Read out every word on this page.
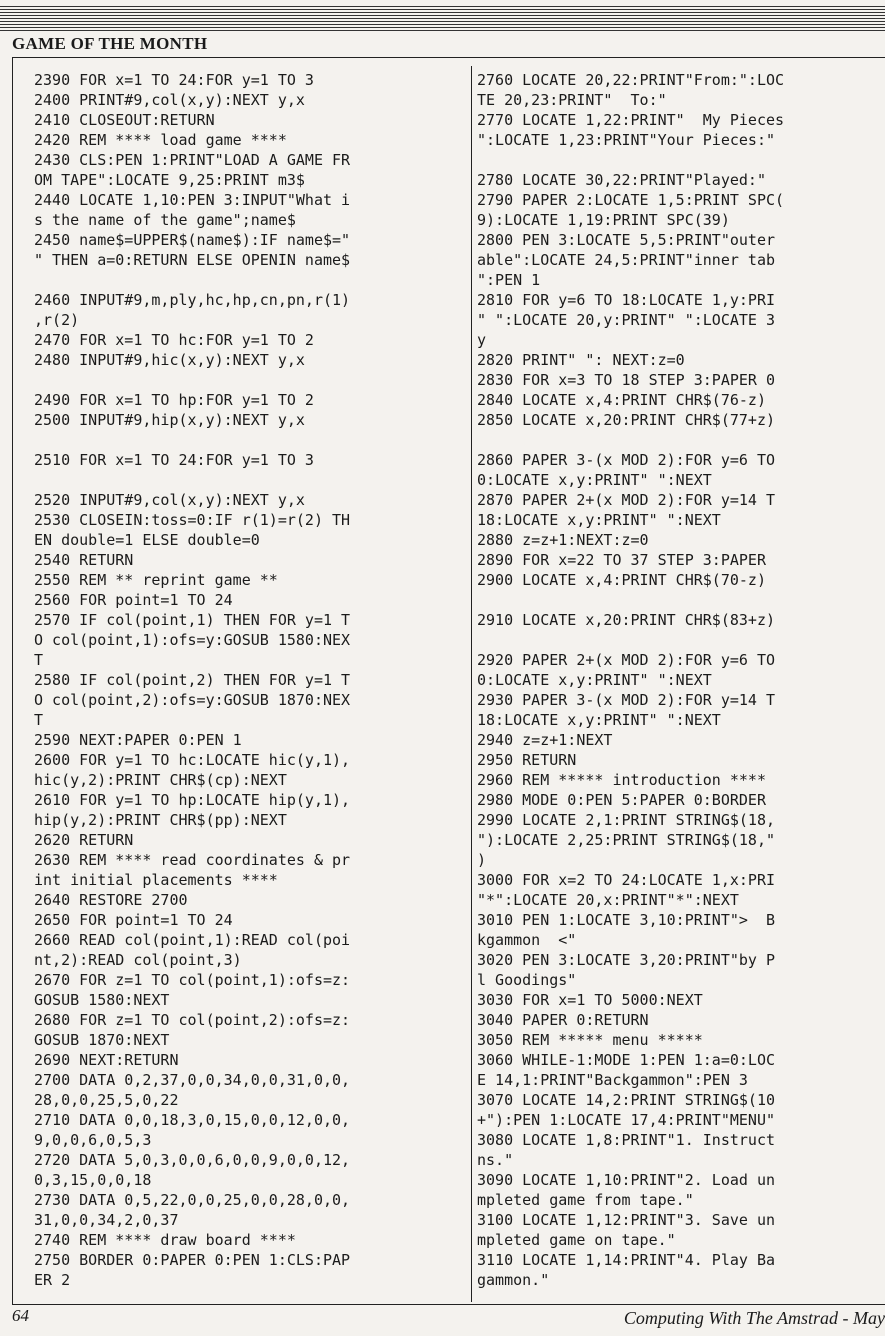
GAME OF THE MONTH
2390 FOR x=1 TO 24:FOR y=1 TO 3
2400 PRINT#9,col(x,y):NEXT y,x
2410 CLOSEOUT:RETURN
2420 REM **** load game ****
2430 CLS:PEN 1:PRINT"LOAD A GAME FR
OM TAPE":LOCATE 9,25:PRINT m3$
2440 LOCATE 1,10:PEN 3:INPUT"What i
s the name of the game";name$
2450 name$=UPPER$(name$):IF name$="
" THEN a=0:RETURN ELSE OPENIN name$
2460 INPUT#9,m,ply,hc,hp,cn,pn,r(1)
,r(2)
2470 FOR x=1 TO hc:FOR y=1 TO 2
2480 INPUT#9,hic(x,y):NEXT y,x
2490 FOR x=1 TO hp:FOR y=1 TO 2
2500 INPUT#9,hip(x,y):NEXT y,x
2510 FOR x=1 TO 24:FOR y=1 TO 3
2520 INPUT#9,col(x,y):NEXT y,x
2530 CLOSEIN:toss=0:IF r(1)=r(2) TH
EN double=1 ELSE double=0
2540 RETURN
2550 REM ** reprint game **
2560 FOR point=1 TO 24
2570 IF col(point,1) THEN FOR y=1 T
O col(point,1):ofs=y:GOSUB 1580:NEX
T
2580 IF col(point,2) THEN FOR y=1 T
O col(point,2):ofs=y:GOSUB 1870:NEX
T
2590 NEXT:PAPER 0:PEN 1
2600 FOR y=1 TO hc:LOCATE hic(y,1),
hic(y,2):PRINT CHR$(cp):NEXT
2610 FOR y=1 TO hp:LOCATE hip(y,1),
hip(y,2):PRINT CHR$(pp):NEXT
2620 RETURN
2630 REM **** read coordinates & pr
int initial placements ****
2640 RESTORE 2700
2650 FOR point=1 TO 24
2660 READ col(point,1):READ col(poi
nt,2):READ col(point,3)
2670 FOR z=1 TO col(point,1):ofs=z:
GOSUB 1580:NEXT
2680 FOR z=1 TO col(point,2):ofs=z:
GOSUB 1870:NEXT
2690 NEXT:RETURN
2700 DATA 0,2,37,0,0,34,0,0,31,0,0,
28,0,0,25,5,0,22
2710 DATA 0,0,18,3,0,15,0,0,12,0,0,
9,0,0,6,0,5,3
2720 DATA 5,0,3,0,0,6,0,0,9,0,0,12,
0,3,15,0,0,18
2730 DATA 0,5,22,0,0,25,0,0,28,0,0,
31,0,0,34,2,0,37
2740 REM **** draw board ****
2750 BORDER 0:PAPER 0:PEN 1:CLS:PAP
ER 2
2760 LOCATE 20,22:PRINT"From:":LOC
TE 20,23:PRINT"  To:"
2770 LOCATE 1,22:PRINT"  My Pieces
":LOCATE 1,23:PRINT"Your Pieces:"
2780 LOCATE 30,22:PRINT"Played:"
2790 PAPER 2:LOCATE 1,5:PRINT SPC(
9):LOCATE 1,19:PRINT SPC(39)
2800 PEN 3:LOCATE 5,5:PRINT"outer
able":LOCATE 24,5:PRINT"inner tab
":PEN 1
2810 FOR y=6 TO 18:LOCATE 1,y:PRI
" ":LOCATE 20,y:PRINT" ":LOCATE 3
y
2820 PRINT" ": NEXT:z=0
2830 FOR x=3 TO 18 STEP 3:PAPER 0
2840 LOCATE x,4:PRINT CHR$(76-z)
2850 LOCATE x,20:PRINT CHR$(77+z)
2860 PAPER 3-(x MOD 2):FOR y=6 TO
0:LOCATE x,y:PRINT" ":NEXT
2870 PAPER 2+(x MOD 2):FOR y=14 T
18:LOCATE x,y:PRINT" ":NEXT
2880 z=z+1:NEXT:z=0
2890 FOR x=22 TO 37 STEP 3:PAPER
2900 LOCATE x,4:PRINT CHR$(70-z)
2910 LOCATE x,20:PRINT CHR$(83+z)
2920 PAPER 2+(x MOD 2):FOR y=6 TO
0:LOCATE x,y:PRINT" ":NEXT
2930 PAPER 3-(x MOD 2):FOR y=14 T
18:LOCATE x,y:PRINT" ":NEXT
2940 z=z+1:NEXT
2950 RETURN
2960 REM ***** introduction ****
2980 MODE 0:PEN 5:PAPER 0:BORDER
2990 LOCATE 2,1:PRINT STRING$(18,
"):LOCATE 2,25:PRINT STRING$(18,"
)
3000 FOR x=2 TO 24:LOCATE 1,x:PRI
"*":LOCATE 20,x:PRINT"*":NEXT
3010 PEN 1:LOCATE 3,10:PRINT">  B
kgammon  <"
3020 PEN 3:LOCATE 3,20:PRINT"by P
l Goodings"
3030 FOR x=1 TO 5000:NEXT
3040 PAPER 0:RETURN
3050 REM ***** menu *****
3060 WHILE-1:MODE 1:PEN 1:a=0:LOC
E 14,1:PRINT"Backgammon":PEN 3
3070 LOCATE 14,2:PRINT STRING$(10
+"):PEN 1:LOCATE 17,4:PRINT"MENU"
3080 LOCATE 1,8:PRINT"1. Instruct
ns."
3090 LOCATE 1,10:PRINT"2. Load un
mpleted game from tape."
3100 LOCATE 1,12:PRINT"3. Save un
mpleted game on tape."
3110 LOCATE 1,14:PRINT"4. Play Ba
gammon."
64	Computing With The Amstrad - May
